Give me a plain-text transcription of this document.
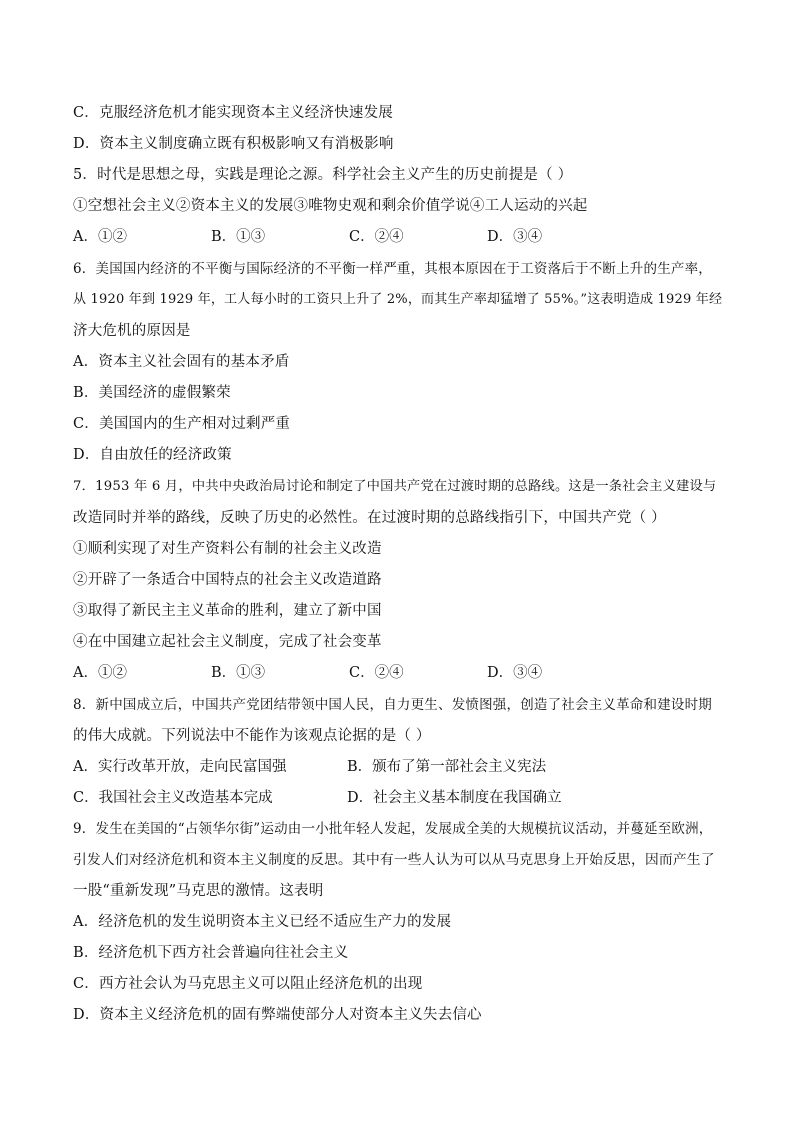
C．克服经济危机才能实现资本主义经济快速发展
D．资本主义制度确立既有积极影响又有消极影响
5．时代是思想之母，实践是理论之源。科学社会主义产生的历史前提是（ ）
①空想社会主义②资本主义的发展③唯物史观和剩余价值学说④工人运动的兴起
A．①②	B．①③	C．②④	D．③④
6．美国国内经济的不平衡与国际经济的不平衡一样严重，其根本原因在于工资落后于不断上升的生产率，
从 1920 年到 1929 年，工人每小时的工资只上升了 2%，而其生产率却猛增了 55%。”这表明造成 1929 年经
济大危机的原因是
A．资本主义社会固有的基本矛盾
B．美国经济的虚假繁荣
C．美国国内的生产相对过剩严重
D．自由放任的经济政策
7．1953 年 6 月，中共中央政治局讨论和制定了中国共产党在过渡时期的总路线。这是一条社会主义建设与
改造同时并举的路线，反映了历史的必然性。在过渡时期的总路线指引下，中国共产党（ ）
①顺利实现了对生产资料公有制的社会主义改造
②开辟了一条适合中国特点的社会主义改造道路
③取得了新民主主义革命的胜利，建立了新中国
④在中国建立起社会主义制度，完成了社会变革
A．①②	B．①③	C．②④	D．③④
8．新中国成立后，中国共产党团结带领中国人民，自力更生、发愤图强，创造了社会主义革命和建设时期
的伟大成就。下列说法中不能作为该观点论据的是（ ）
A．实行改革开放，走向民富国强	B．颁布了第一部社会主义宪法
C．我国社会主义改造基本完成	D．社会主义基本制度在我国确立
9．发生在美国的“占领华尔街”运动由一小批年轻人发起，发展成全美的大规模抗议活动，并蔓延至欧洲，
引发人们对经济危机和资本主义制度的反思。其中有一些人认为可以从马克思身上开始反思，因而产生了
一股“重新发现”马克思的激情。这表明
A．经济危机的发生说明资本主义已经不适应生产力的发展
B．经济危机下西方社会普遍向往社会主义
C．西方社会认为马克思主义可以阻止经济危机的出现
D．资本主义经济危机的固有弊端使部分人对资本主义失去信心
